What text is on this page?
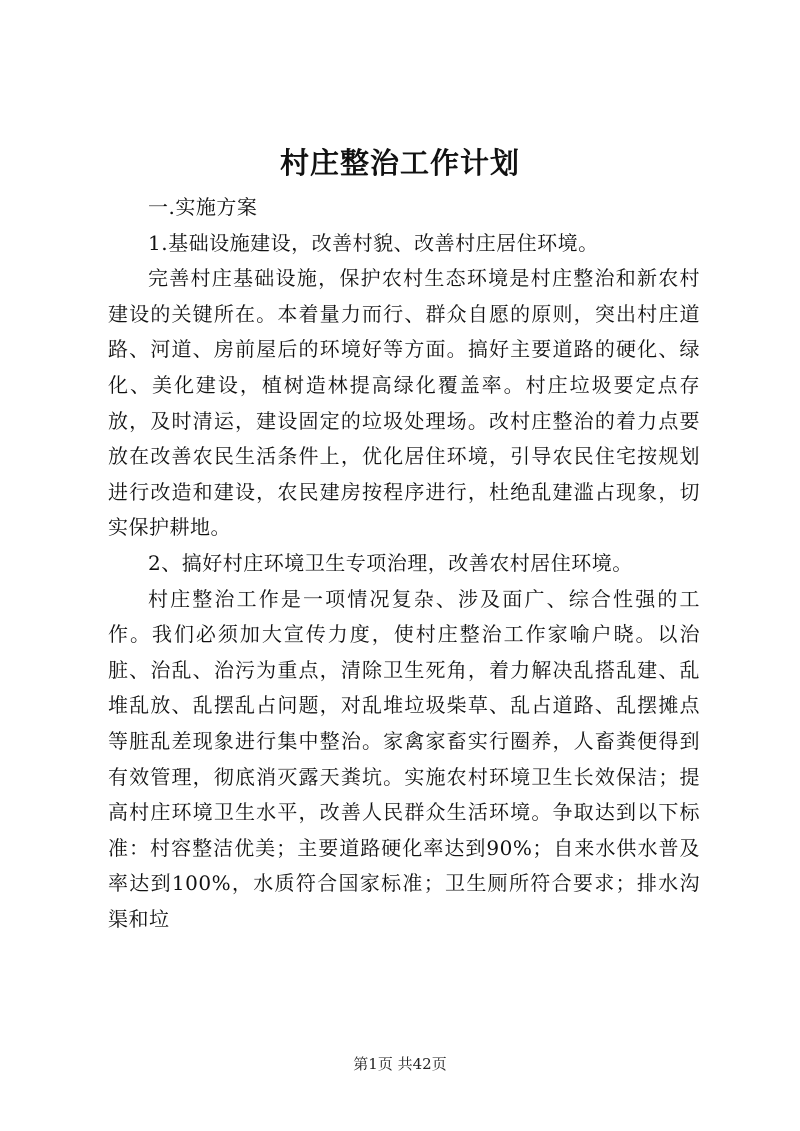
村庄整治工作计划

一.实施方案

1.基础设施建设，改善村貌、改善村庄居住环境。

完善村庄基础设施，保护农村生态环境是村庄整治和新农村建设的关键所在。本着量力而行、群众自愿的原则，突出村庄道路、河道、房前屋后的环境好等方面。搞好主要道路的硬化、绿化、美化建设，植树造林提高绿化覆盖率。村庄垃圾要定点存放，及时清运，建设固定的垃圾处理场。改村庄整治的着力点要放在改善农民生活条件上，优化居住环境，引导农民住宅按规划进行改造和建设，农民建房按程序进行，杜绝乱建滥占现象，切实保护耕地。

2、搞好村庄环境卫生专项治理，改善农村居住环境。

村庄整治工作是一项情况复杂、涉及面广、综合性强的工作。我们必须加大宣传力度，使村庄整治工作家喻户晓。以治脏、治乱、治污为重点，清除卫生死角，着力解决乱搭乱建、乱堆乱放、乱摆乱占问题，对乱堆垃圾柴草、乱占道路、乱摆摊点等脏乱差现象进行集中整治。家禽家畜实行圈养，人畜粪便得到有效管理，彻底消灭露天粪坑。实施农村环境卫生长效保洁；提高村庄环境卫生水平，改善人民群众生活环境。争取达到以下标准：村容整洁优美；主要道路硬化率达到90%；自来水供水普及率达到100%，水质符合国家标准；卫生厕所符合要求；排水沟渠和垃

第1页 共42页
